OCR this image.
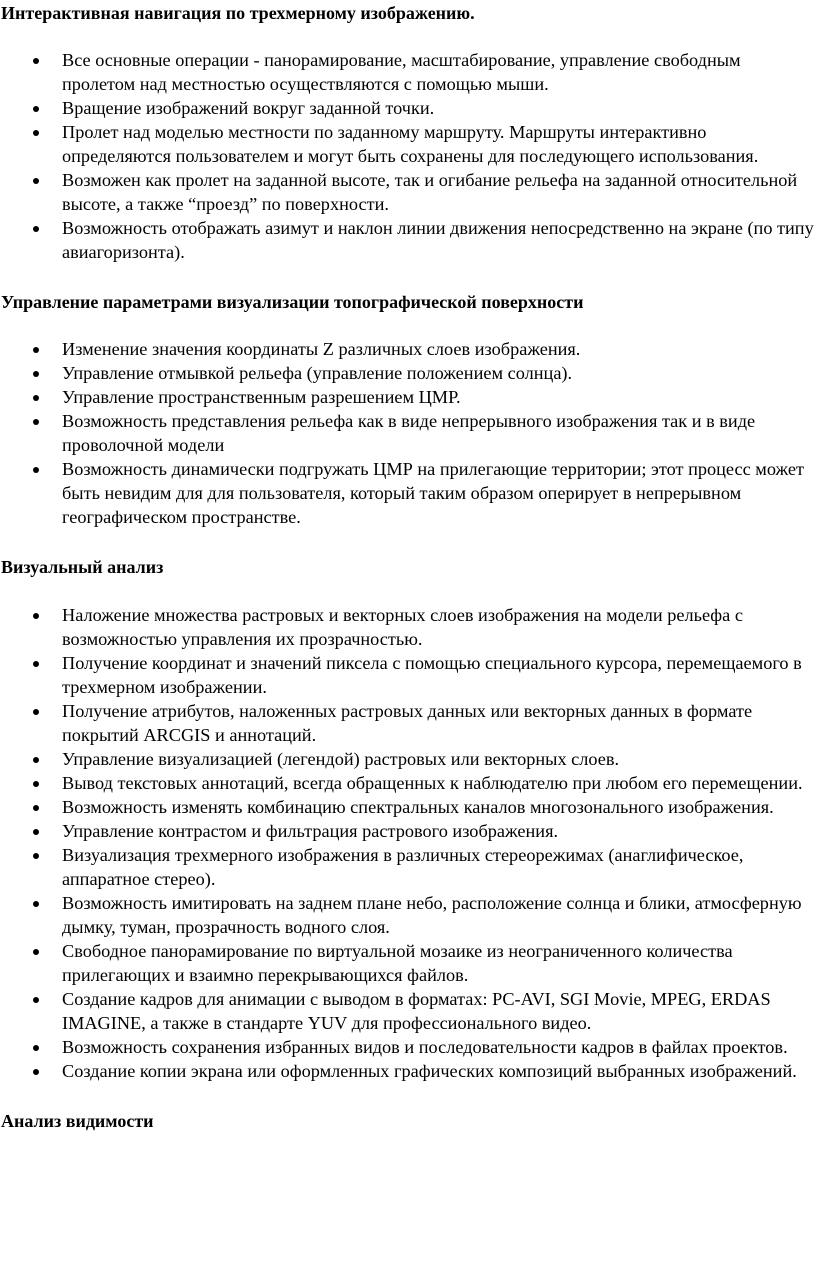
Интерактивная навигация по трехмерному изображению.
Все основные операции - панорамирование, масштабирование, управление свободным пролетом над местностью осуществляются с помощью мыши.
Вращение изображений вокруг заданной точки.
Пролет над моделью местности по заданному маршруту. Маршруты интерактивно определяются пользователем и могут быть сохранены для последующего использования.
Возможен как пролет на заданной высоте, так и огибание рельефа на заданной относительной высоте, а также “проезд” по поверхности.
Возможность отображать азимут и наклон линии движения непосредственно на экране (по типу авиагоризонта).
Управление параметрами визуализации топографической поверхности
Изменение значения координаты Z различных слоев изображения.
Управление отмывкой рельефа (управление положением солнца).
Управление пространственным разрешением ЦМР.
Возможность представления рельефа как в виде непрерывного изображения так и в виде проволочной модели
Возможность динамически подгружать ЦМР на прилегающие территории; этот процесс может быть невидим для для пользователя, который таким образом оперирует в непрерывном географическом пространстве.
Визуальный анализ
Наложение множества растровых и векторных слоев изображения на модели рельефа с возможностью управления их прозрачностью.
Получение координат и значений пиксела с помощью специального курсора, перемещаемого в трехмерном изображении.
Получение атрибутов, наложенных растровых данных или векторных данных в формате покрытий ARCGIS и аннотаций.
Управление визуализацией (легендой) растровых или векторных слоев.
Вывод текстовых аннотаций, всегда обращенных к наблюдателю при любом его перемещении.
Возможность изменять комбинацию спектральных каналов многозонального изображения.
Управление контрастом и фильтрация растрового изображения.
Визуализация трехмерного изображения в различных стереорежимах (анаглифическое, аппаратное стерео).
Возможность имитировать на заднем плане небо, расположение солнца и блики, атмосферную дымку, туман, прозрачность водного слоя.
Свободное панорамирование по виртуальной мозаике из неограниченного количества прилегающих и взаимно перекрывающихся файлов.
Создание кадров для анимации с выводом в форматах: PC-AVI, SGI Movie, MPEG, ERDAS IMAGINE, а также в стандарте YUV для профессионального видео.
Возможность сохранения избранных видов и последовательности кадров в файлах проектов.
Создание копии экрана или оформленных графических композиций выбранных изображений.
Анализ видимости
